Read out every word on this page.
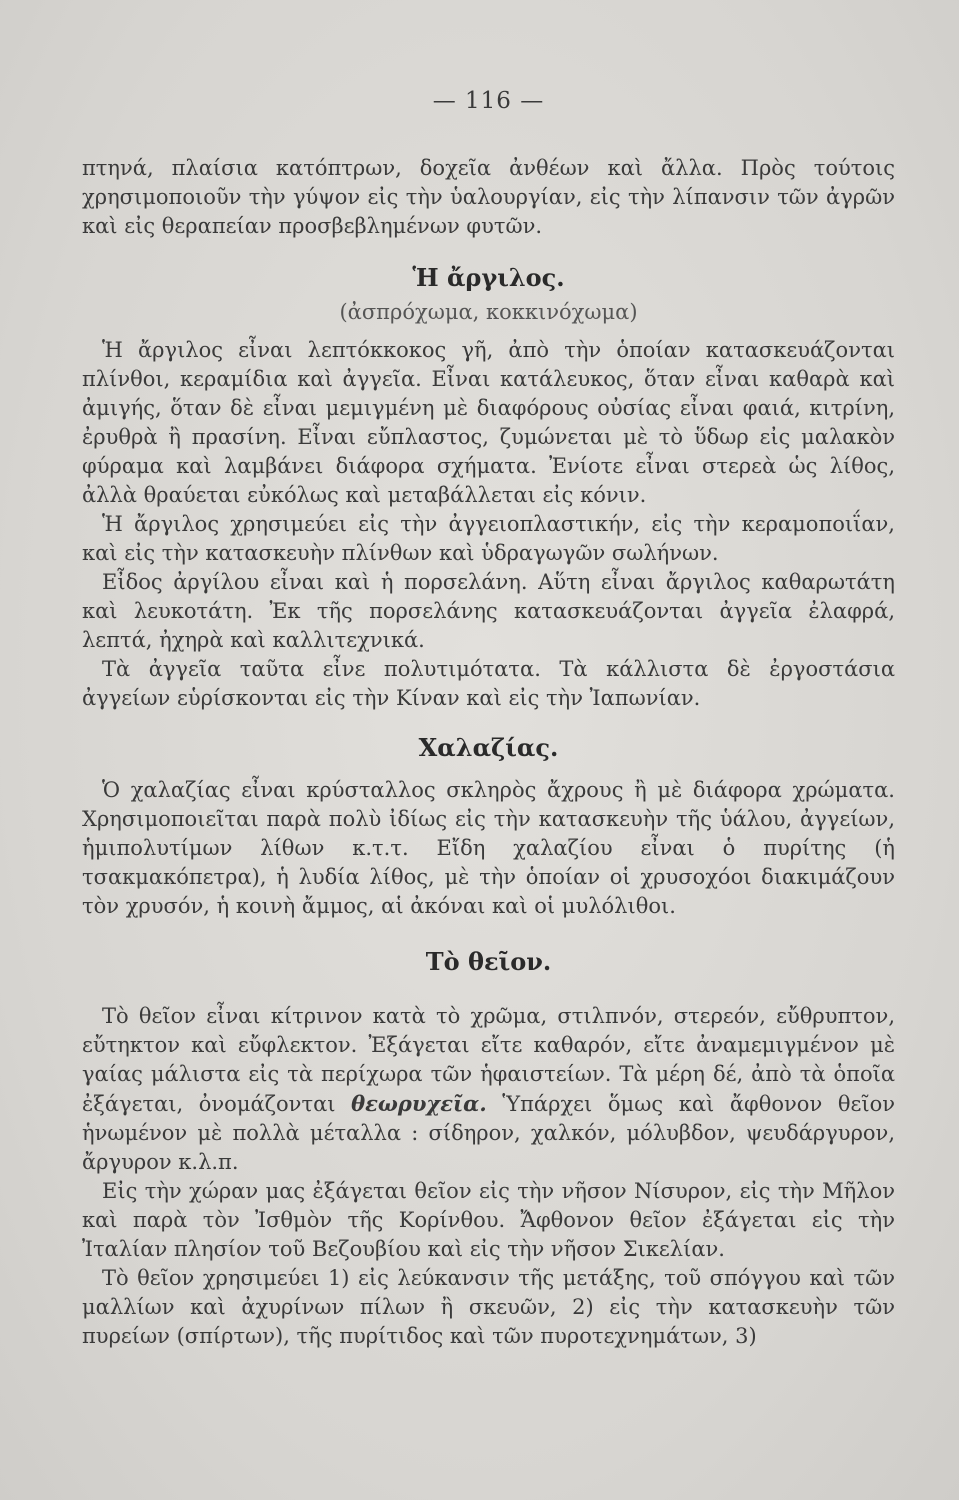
— 116 —

πτηνά, πλαίσια κατόπτρων, δοχεῖα ἀνθέων καὶ ἄλλα. Πρὸς τούτοις χρησιμοποιοῦν τὴν γύψον εἰς τὴν ὑαλουργίαν, εἰς τὴν λίπανσιν τῶν ἀγρῶν καὶ εἰς θεραπείαν προσβεβλημένων φυτῶν.

Ἡ ἄργιλος.
(ἀσπρόχωμα, κοκκινόχωμα)

Ἡ ἄργιλος εἶναι λεπτόκκοκος γῆ, ἀπὸ τὴν ὁποίαν κατασκευάζονται πλίνθοι, κεραμίδια καὶ ἀγγεῖα. Εἶναι κατάλευκος, ὅταν εἶναι καθαρὰ καὶ ἀμιγής, ὅταν δὲ εἶναι μεμιγμένη μὲ διαφόρους οὐσίας εἶναι φαιά, κιτρίνη, ἐρυθρὰ ἢ πρασίνη. Εἶναι εὔπλαστος, ζυμώνεται μὲ τὸ ὕδωρ εἰς μαλακὸν φύραμα καὶ λαμβάνει διάφορα σχήματα. Ἐνίοτε εἶναι στερεὰ ὡς λίθος, ἀλλὰ θραύεται εὐκόλως καὶ μεταβάλλεται εἰς κόνιν.

Ἡ ἄργιλος χρησιμεύει εἰς τὴν ἀγγειοπλαστικήν, εἰς τὴν κεραμοποιΐαν, καὶ εἰς τὴν κατασκευὴν πλίνθων καὶ ὑδραγωγῶν σωλήνων.

Εἶδος ἀργίλου εἶναι καὶ ἡ πορσελάνη. Αὕτη εἶναι ἄργιλος καθαρωτάτη καὶ λευκοτάτη. Ἐκ τῆς πορσελάνης κατασκευάζονται ἀγγεῖα ἐλαφρά, λεπτά, ἠχηρὰ καὶ καλλιτεχνικά.

Τὰ ἀγγεῖα ταῦτα εἶνε πολυτιμότατα. Τὰ κάλλιστα δὲ ἐργοστάσια ἀγγείων εὑρίσκονται εἰς τὴν Κίναν καὶ εἰς τὴν Ἰαπωνίαν.

Χαλαζίας.

Ὁ χαλαζίας εἶναι κρύσταλλος σκληρὸς ἄχρους ἢ μὲ διάφορα χρώματα. Χρησιμοποιεῖται παρὰ πολὺ ἰδίως εἰς τὴν κατασκευὴν τῆς ὑάλου, ἀγγείων, ἡμιπολυτίμων λίθων κ.τ.τ. Εἴδη χαλαζίου εἶναι ὁ πυρίτης (ἡ τσακμακόπετρα), ἡ λυδία λίθος, μὲ τὴν ὁποίαν οἱ χρυσοχόοι διακιμάζουν τὸν χρυσόν, ἡ κοινὴ ἄμμος, αἱ ἀκόναι καὶ οἱ μυλόλιθοι.

Τὸ θεῖον.

Τὸ θεῖον εἶναι κίτρινον κατὰ τὸ χρῶμα, στιλπνόν, στερεόν, εὔθρυπτον, εὔτηκτον καὶ εὔφλεκτον. Ἐξάγεται εἴτε καθαρόν, εἴτε ἀναμεμιγμένον μὲ γαίας μάλιστα εἰς τὰ περίχωρα τῶν ἡφαιστείων. Τὰ μέρη δέ, ἀπὸ τὰ ὁποῖα ἐξάγεται, ὀνομάζονται θεωρυχεῖα. Ὑπάρχει ὅμως καὶ ἄφθονον θεῖον ἡνωμένον μὲ πολλὰ μέταλλα : σίδηρον, χαλκόν, μόλυβδον, ψευδάργυρον, ἄργυρον κ.λ.π.

Εἰς τὴν χώραν μας ἐξάγεται θεῖον εἰς τὴν νῆσον Νίσυρον, εἰς τὴν Μῆλον καὶ παρὰ τὸν Ἰσθμὸν τῆς Κορίνθου. Ἄφθονον θεῖον ἐξάγεται εἰς τὴν Ἰταλίαν πλησίον τοῦ Βεζουβίου καὶ εἰς τὴν νῆσον Σικελίαν.

Τὸ θεῖον χρησιμεύει 1) εἰς λεύκανσιν τῆς μετάξης, τοῦ σπόγγου καὶ τῶν μαλλίων καὶ ἀχυρίνων πίλων ἢ σκευῶν, 2) εἰς τὴν κατασκευὴν τῶν πυρείων (σπίρτων), τῆς πυρίτιδος καὶ τῶν πυροτεχνημάτων, 3)
